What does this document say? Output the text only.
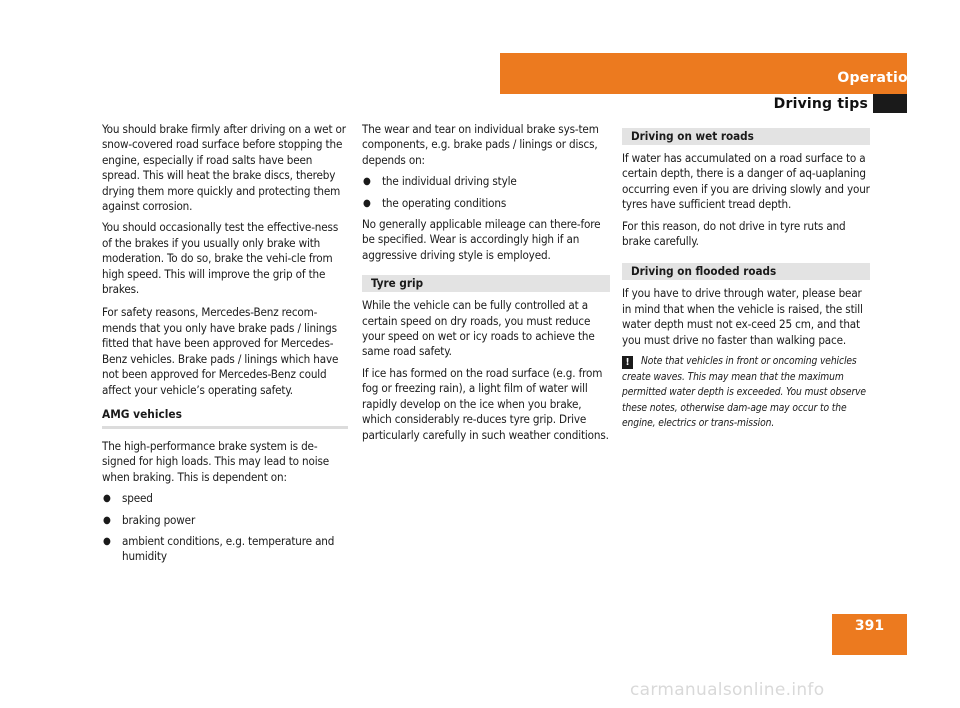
Operation
Driving tips

You should brake firmly after driving on a wet or snow-covered road surface before stopping the engine, especially if road salts have been spread. This will heat the brake discs, thereby drying them more quickly and protecting them against corrosion.

You should occasionally test the effective-ness of the brakes if you usually only brake with moderation. To do so, brake the vehi-cle from high speed. This will improve the grip of the brakes.

For safety reasons, Mercedes-Benz recom-mends that you only have brake pads / linings fitted that have been approved for Mercedes-Benz vehicles. Brake pads / linings which have not been approved for Mercedes-Benz could affect your vehicle’s operating safety.

AMG vehicles

The high-performance brake system is de-signed for high loads. This may lead to noise when braking. This is dependent on:

● speed
● braking power
● ambient conditions, e.g. temperature and humidity

The wear and tear on individual brake sys-tem components, e.g. brake pads / linings or discs, depends on:

● the individual driving style
● the operating conditions

No generally applicable mileage can there-fore be specified. Wear is accordingly high if an aggressive driving style is employed.

Tyre grip

While the vehicle can be fully controlled at a certain speed on dry roads, you must reduce your speed on wet or icy roads to achieve the same road safety.

If ice has formed on the road surface (e.g. from fog or freezing rain), a light film of water will rapidly develop on the ice when you brake, which considerably re-duces tyre grip. Drive particularly carefully in such weather conditions.

Driving on wet roads

If water has accumulated on a road surface to a certain depth, there is a danger of aq-uaplaning occurring even if you are driving slowly and your tyres have sufficient tread depth.

For this reason, do not drive in tyre ruts and brake carefully.

Driving on flooded roads

If you have to drive through water, please bear in mind that when the vehicle is raised, the still water depth must not ex-ceed 25 cm, and that you must drive no faster than walking pace.

! Note that vehicles in front or oncoming vehicles create waves. This may mean that the maximum permitted water depth is exceeded. You must observe these notes, otherwise dam-age may occur to the engine, electrics or trans-mission.
391
carmanualsonline.info
